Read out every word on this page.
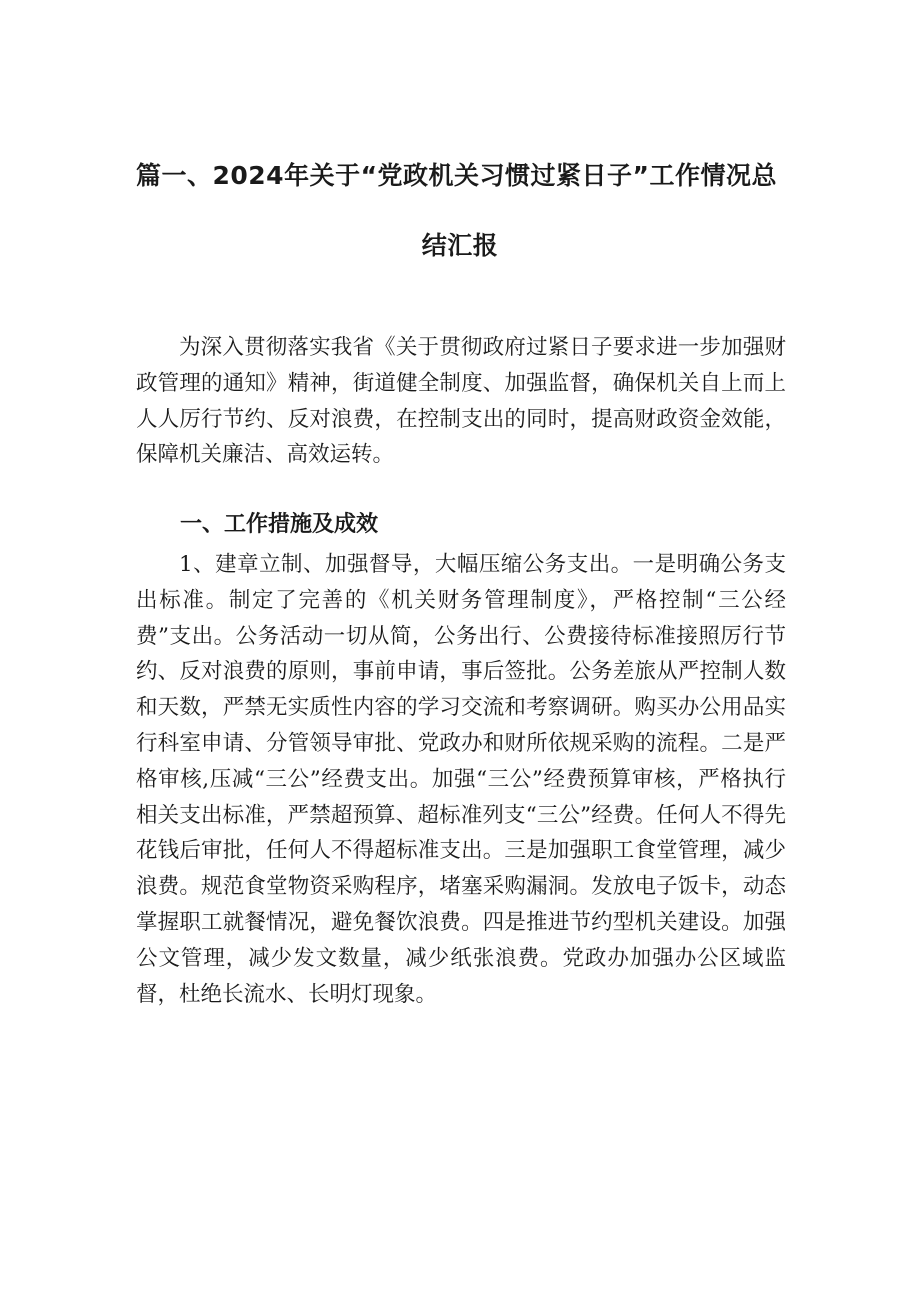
篇一、2024年关于“党政机关习惯过紧日子”工作情况总
结汇报

为深入贯彻落实我省《关于贯彻政府过紧日子要求进一步加强财政管理的通知》精神，街道健全制度、加强监督，确保机关自上而上人人厉行节约、反对浪费，在控制支出的同时，提高财政资金效能，保障机关廉洁、高效运转。

一、工作措施及成效

1、建章立制、加强督导，大幅压缩公务支出。一是明确公务支出标准。制定了完善的《机关财务管理制度》，严格控制“三公经费”支出。公务活动一切从简，公务出行、公费接待标准接照厉行节约、反对浪费的原则，事前申请，事后签批。公务差旅从严控制人数和天数，严禁无实质性内容的学习交流和考察调研。购买办公用品实行科室申请、分管领导审批、党政办和财所依规采购的流程。二是严格审核,压减“三公”经费支出。加强“三公”经费预算审核，严格执行相关支出标准，严禁超预算、超标准列支“三公”经费。任何人不得先花钱后审批，任何人不得超标准支出。三是加强职工食堂管理，减少浪费。规范食堂物资采购程序，堵塞采购漏洞。发放电子饭卡，动态掌握职工就餐情况，避免餐饮浪费。四是推进节约型机关建设。加强公文管理，减少发文数量，减少纸张浪费。党政办加强办公区域监督，杜绝长流水、长明灯现象。
